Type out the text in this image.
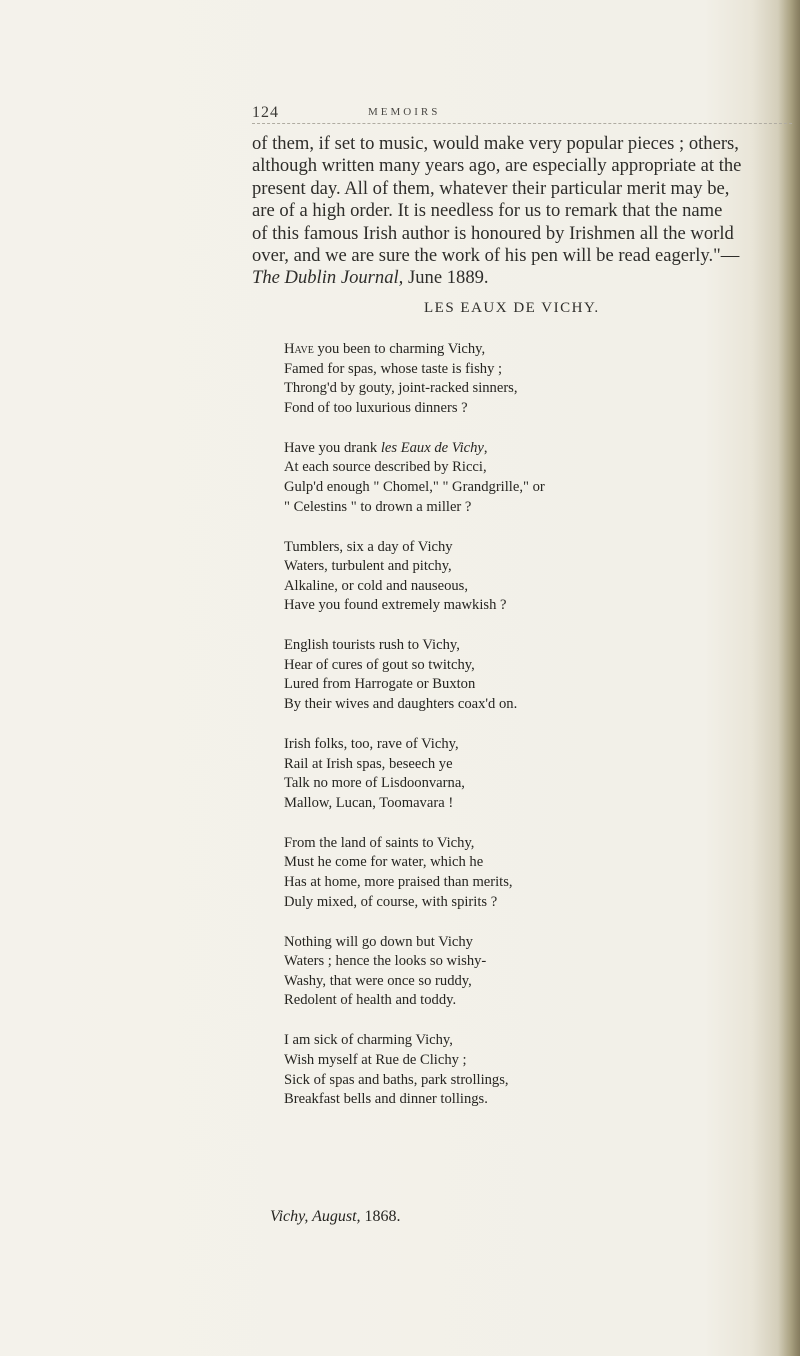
124	MEMOIRS

of them, if set to music, would make very popular pieces ; others,
although written many years ago, are especially appropriate at the
present day. All of them, whatever their particular merit may be,
are of a high order. It is needless for us to remark that the name
of this famous Irish author is honoured by Irishmen all the world
over, and we are sure the work of his pen will be read eagerly."—
The Dublin Journal, June 1889.

LES EAUX DE VICHY.
Have you been to charming Vichy,
Famed for spas, whose taste is fishy ;
Throng'd by gouty, joint-racked sinners,
Fond of too luxurious dinners ?
Have you drank les Eaux de Vichy,
At each source described by Ricci,
Gulp'd enough " Chomel," " Grandgrille," or
" Celestins " to drown a miller ?
Tumblers, six a day of Vichy
Waters, turbulent and pitchy,
Alkaline, or cold and nauseous,
Have you found extremely mawkish ?
English tourists rush to Vichy,
Hear of cures of gout so twitchy,
Lured from Harrogate or Buxton
By their wives and daughters coax'd on.
Irish folks, too, rave of Vichy,
Rail at Irish spas, beseech ye
Talk no more of Lisdoonvarna,
Mallow, Lucan, Toomavara !
From the land of saints to Vichy,
Must he come for water, which he
Has at home, more praised than merits,
Duly mixed, of course, with spirits ?
Nothing will go down but Vichy
Waters ; hence the looks so wishy-
Washy, that were once so ruddy,
Redolent of health and toddy.
I am sick of charming Vichy,
Wish myself at Rue de Clichy ;
Sick of spas and baths, park strollings,
Breakfast bells and dinner tollings.
Vichy, August, 1868.
